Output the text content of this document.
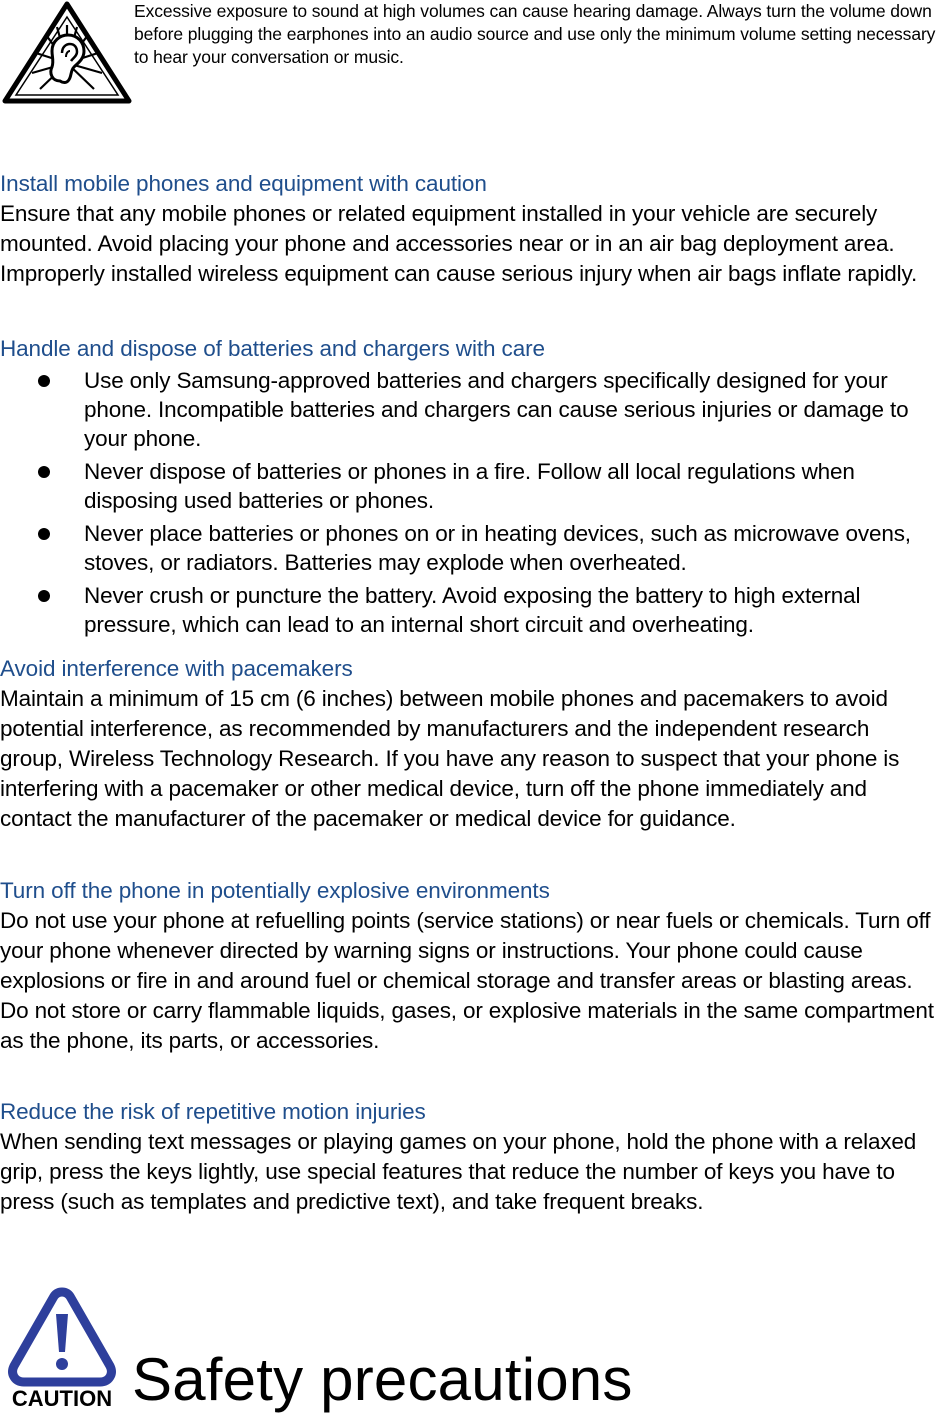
Excessive exposure to sound at high volumes can cause hearing damage. Always turn the volume down before plugging the earphones into an audio source and use only the minimum volume setting necessary to hear your conversation or music.

Install mobile phones and equipment with caution

Ensure that any mobile phones or related equipment installed in your vehicle are securely mounted. Avoid placing your phone and accessories near or in an air bag deployment area. Improperly installed wireless equipment can cause serious injury when air bags inflate rapidly.

Handle and dispose of batteries and chargers with care
Use only Samsung-approved batteries and chargers specifically designed for your phone. Incompatible batteries and chargers can cause serious injuries or damage to your phone.
Never dispose of batteries or phones in a fire. Follow all local regulations when disposing used batteries or phones.
Never place batteries or phones on or in heating devices, such as microwave ovens, stoves, or radiators. Batteries may explode when overheated.
Never crush or puncture the battery. Avoid exposing the battery to high external pressure, which can lead to an internal short circuit and overheating.
Avoid interference with pacemakers

Maintain a minimum of 15 cm (6 inches) between mobile phones and pacemakers to avoid potential interference, as recommended by manufacturers and the independent research group, Wireless Technology Research. If you have any reason to suspect that your phone is interfering with a pacemaker or other medical device, turn off the phone immediately and contact the manufacturer of the pacemaker or medical device for guidance.

Turn off the phone in potentially explosive environments

Do not use your phone at refuelling points (service stations) or near fuels or chemicals. Turn off your phone whenever directed by warning signs or instructions. Your phone could cause explosions or fire in and around fuel or chemical storage and transfer areas or blasting areas. Do not store or carry flammable liquids, gases, or explosive materials in the same compartment as the phone, its parts, or accessories.

Reduce the risk of repetitive motion injuries

When sending text messages or playing games on your phone, hold the phone with a relaxed grip, press the keys lightly, use special features that reduce the number of keys you have to press (such as templates and predictive text), and take frequent breaks.

CAUTION Safety precautions
